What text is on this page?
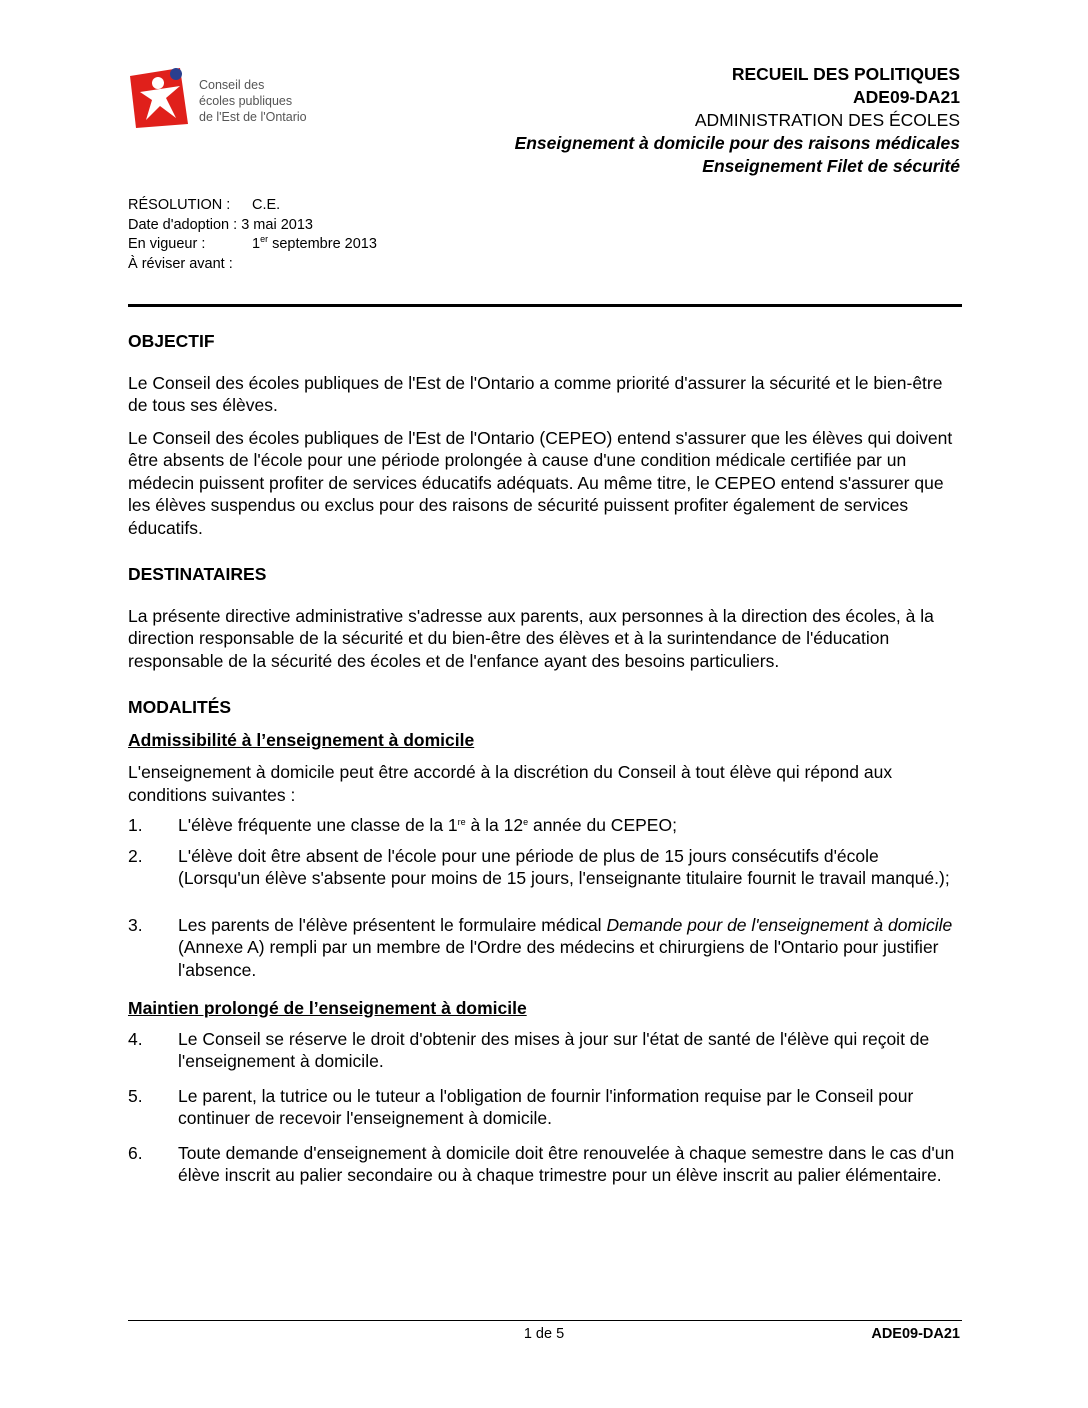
Conseil des
écoles publiques
de l'Est de l'Ontario
RECUEIL DES POLITIQUES
ADE09-DA21
ADMINISTRATION DES ÉCOLES
Enseignement à domicile pour des raisons médicales
Enseignement Filet de sécurité
RÉSOLUTION :	C.E.
Date d'adoption :
3 mai 2013
En vigueur :	1er septembre 2013
À réviser avant :
OBJECTIF

Le Conseil des écoles publiques de l'Est de l'Ontario a comme priorité d'assurer la sécurité et le bien-être de tous ses élèves.

Le Conseil des écoles publiques de l'Est de l'Ontario (CEPEO) entend s'assurer que les élèves qui doivent être absents de l'école pour une période prolongée à cause d'une condition médicale certifiée par un médecin puissent profiter de services éducatifs adéquats. Au même titre, le CEPEO entend s'assurer que les élèves suspendus ou exclus pour des raisons de sécurité puissent profiter également de services éducatifs.

DESTINATAIRES

La présente directive administrative s'adresse aux parents, aux personnes à la direction des écoles, à la direction responsable de la sécurité et du bien-être des élèves et à la surintendance de l'éducation responsable de la sécurité des écoles et de l'enfance ayant des besoins particuliers.

MODALITÉS
Admissibilité à l’enseignement à domicile

L'enseignement à domicile peut être accordé à la discrétion du Conseil à tout élève qui répond aux conditions suivantes :

1.	L'élève fréquente une classe de la 1re à la 12e année du CEPEO;
2.	L'élève doit être absent de l'école pour une période de plus de 15 jours consécutifs d'école (Lorsqu'un élève s'absente pour moins de 15 jours, l'enseignante titulaire fournit le travail manqué.);
3.	Les parents de l'élève présentent le formulaire médical Demande pour de l'enseignement à domicile (Annexe A) rempli par un membre de l'Ordre des médecins et chirurgiens de l'Ontario pour justifier l'absence.
Maintien prolongé de l’enseignement à domicile
4.	Le Conseil se réserve le droit d'obtenir des mises à jour sur l'état de santé de l'élève qui reçoit de l'enseignement à domicile.
5.	Le parent, la tutrice ou le tuteur a l'obligation de fournir l'information requise par le Conseil pour continuer de recevoir l'enseignement à domicile.
6.	Toute demande d'enseignement à domicile doit être renouvelée à chaque semestre dans le cas d'un élève inscrit au palier secondaire ou à chaque trimestre pour un élève inscrit au palier élémentaire.
1 de 5	ADE09-DA21
